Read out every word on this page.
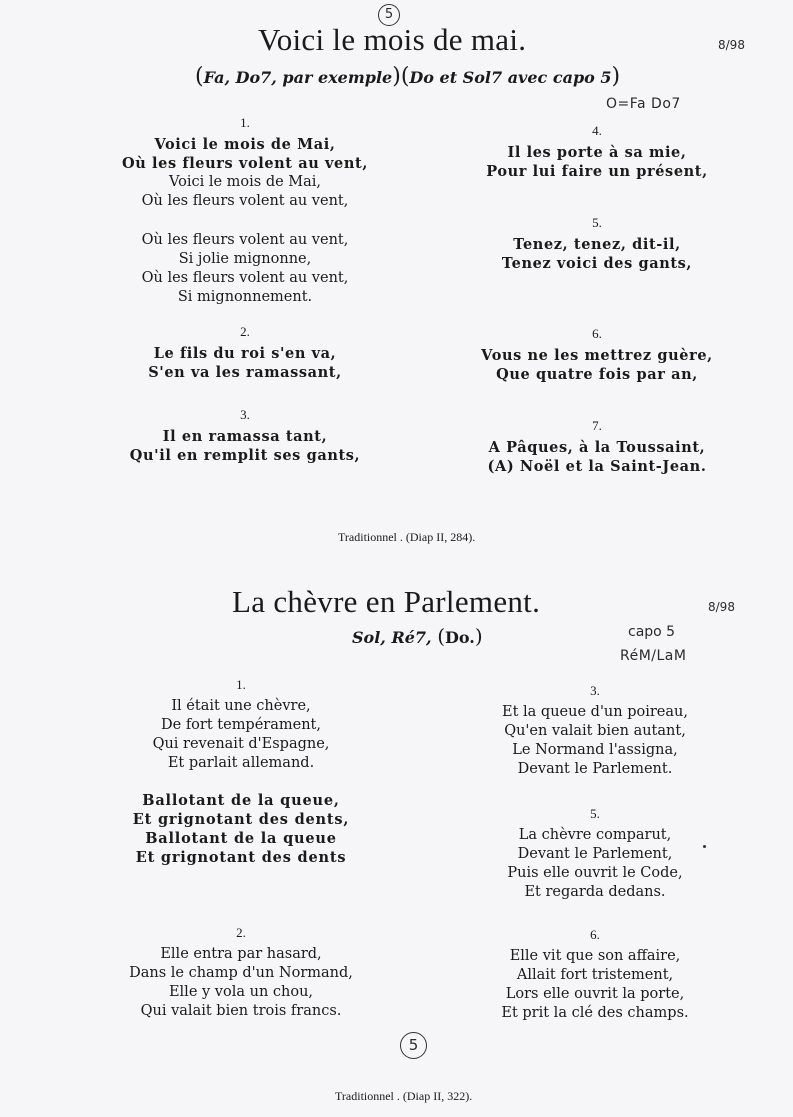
5
Voici le mois de mai.	8/98
(Fa, Do7, par exemple)(Do et Sol7 avec capo 5)
O=Fa Do7
1.
Voici le mois de Mai,
Où les fleurs volent au vent,
Voici le mois de Mai,
Où les fleurs volent au vent,
Où les fleurs volent au vent,
Si jolie mignonne,
Où les fleurs volent au vent,
Si mignonnement.
2.
Le fils du roi s'en va,
S'en va les ramassant,
3.
Il en ramassa tant,
Qu'il en remplit ses gants,
4.
Il les porte à sa mie,
Pour lui faire un présent,
5.
Tenez, tenez, dit-il,
Tenez voici des gants,
6.
Vous ne les mettrez guère,
Que quatre fois par an,
7.
A Pâques, à la Toussaint,
(A) Noël et la Saint-Jean.
Traditionnel . (Diap II, 284).
La chèvre en Parlement.	8/98
Sol, Ré7, (Do.)	capo 5
RéM/LaM
1.
Il était une chèvre,
De fort tempérament,
Qui revenait d'Espagne,
Et parlait allemand.
Ballotant de la queue,
Et grignotant des dents,
Ballotant de la queue
Et grignotant des dents
2.
Elle entra par hasard,
Dans le champ d'un Normand,
Elle y vola un chou,
Qui valait bien trois francs.
3.
Et la queue d'un poireau,
Qu'en valait bien autant,
Le Normand l'assigna,
Devant le Parlement.
5.
La chèvre comparut,
Devant le Parlement,
Puis elle ouvrit le Code,
Et regarda dedans.
6.
Elle vit que son affaire,
Allait fort tristement,
Lors elle ouvrit la porte,
Et prit la clé des champs.
5
Traditionnel . (Diap II, 322).
